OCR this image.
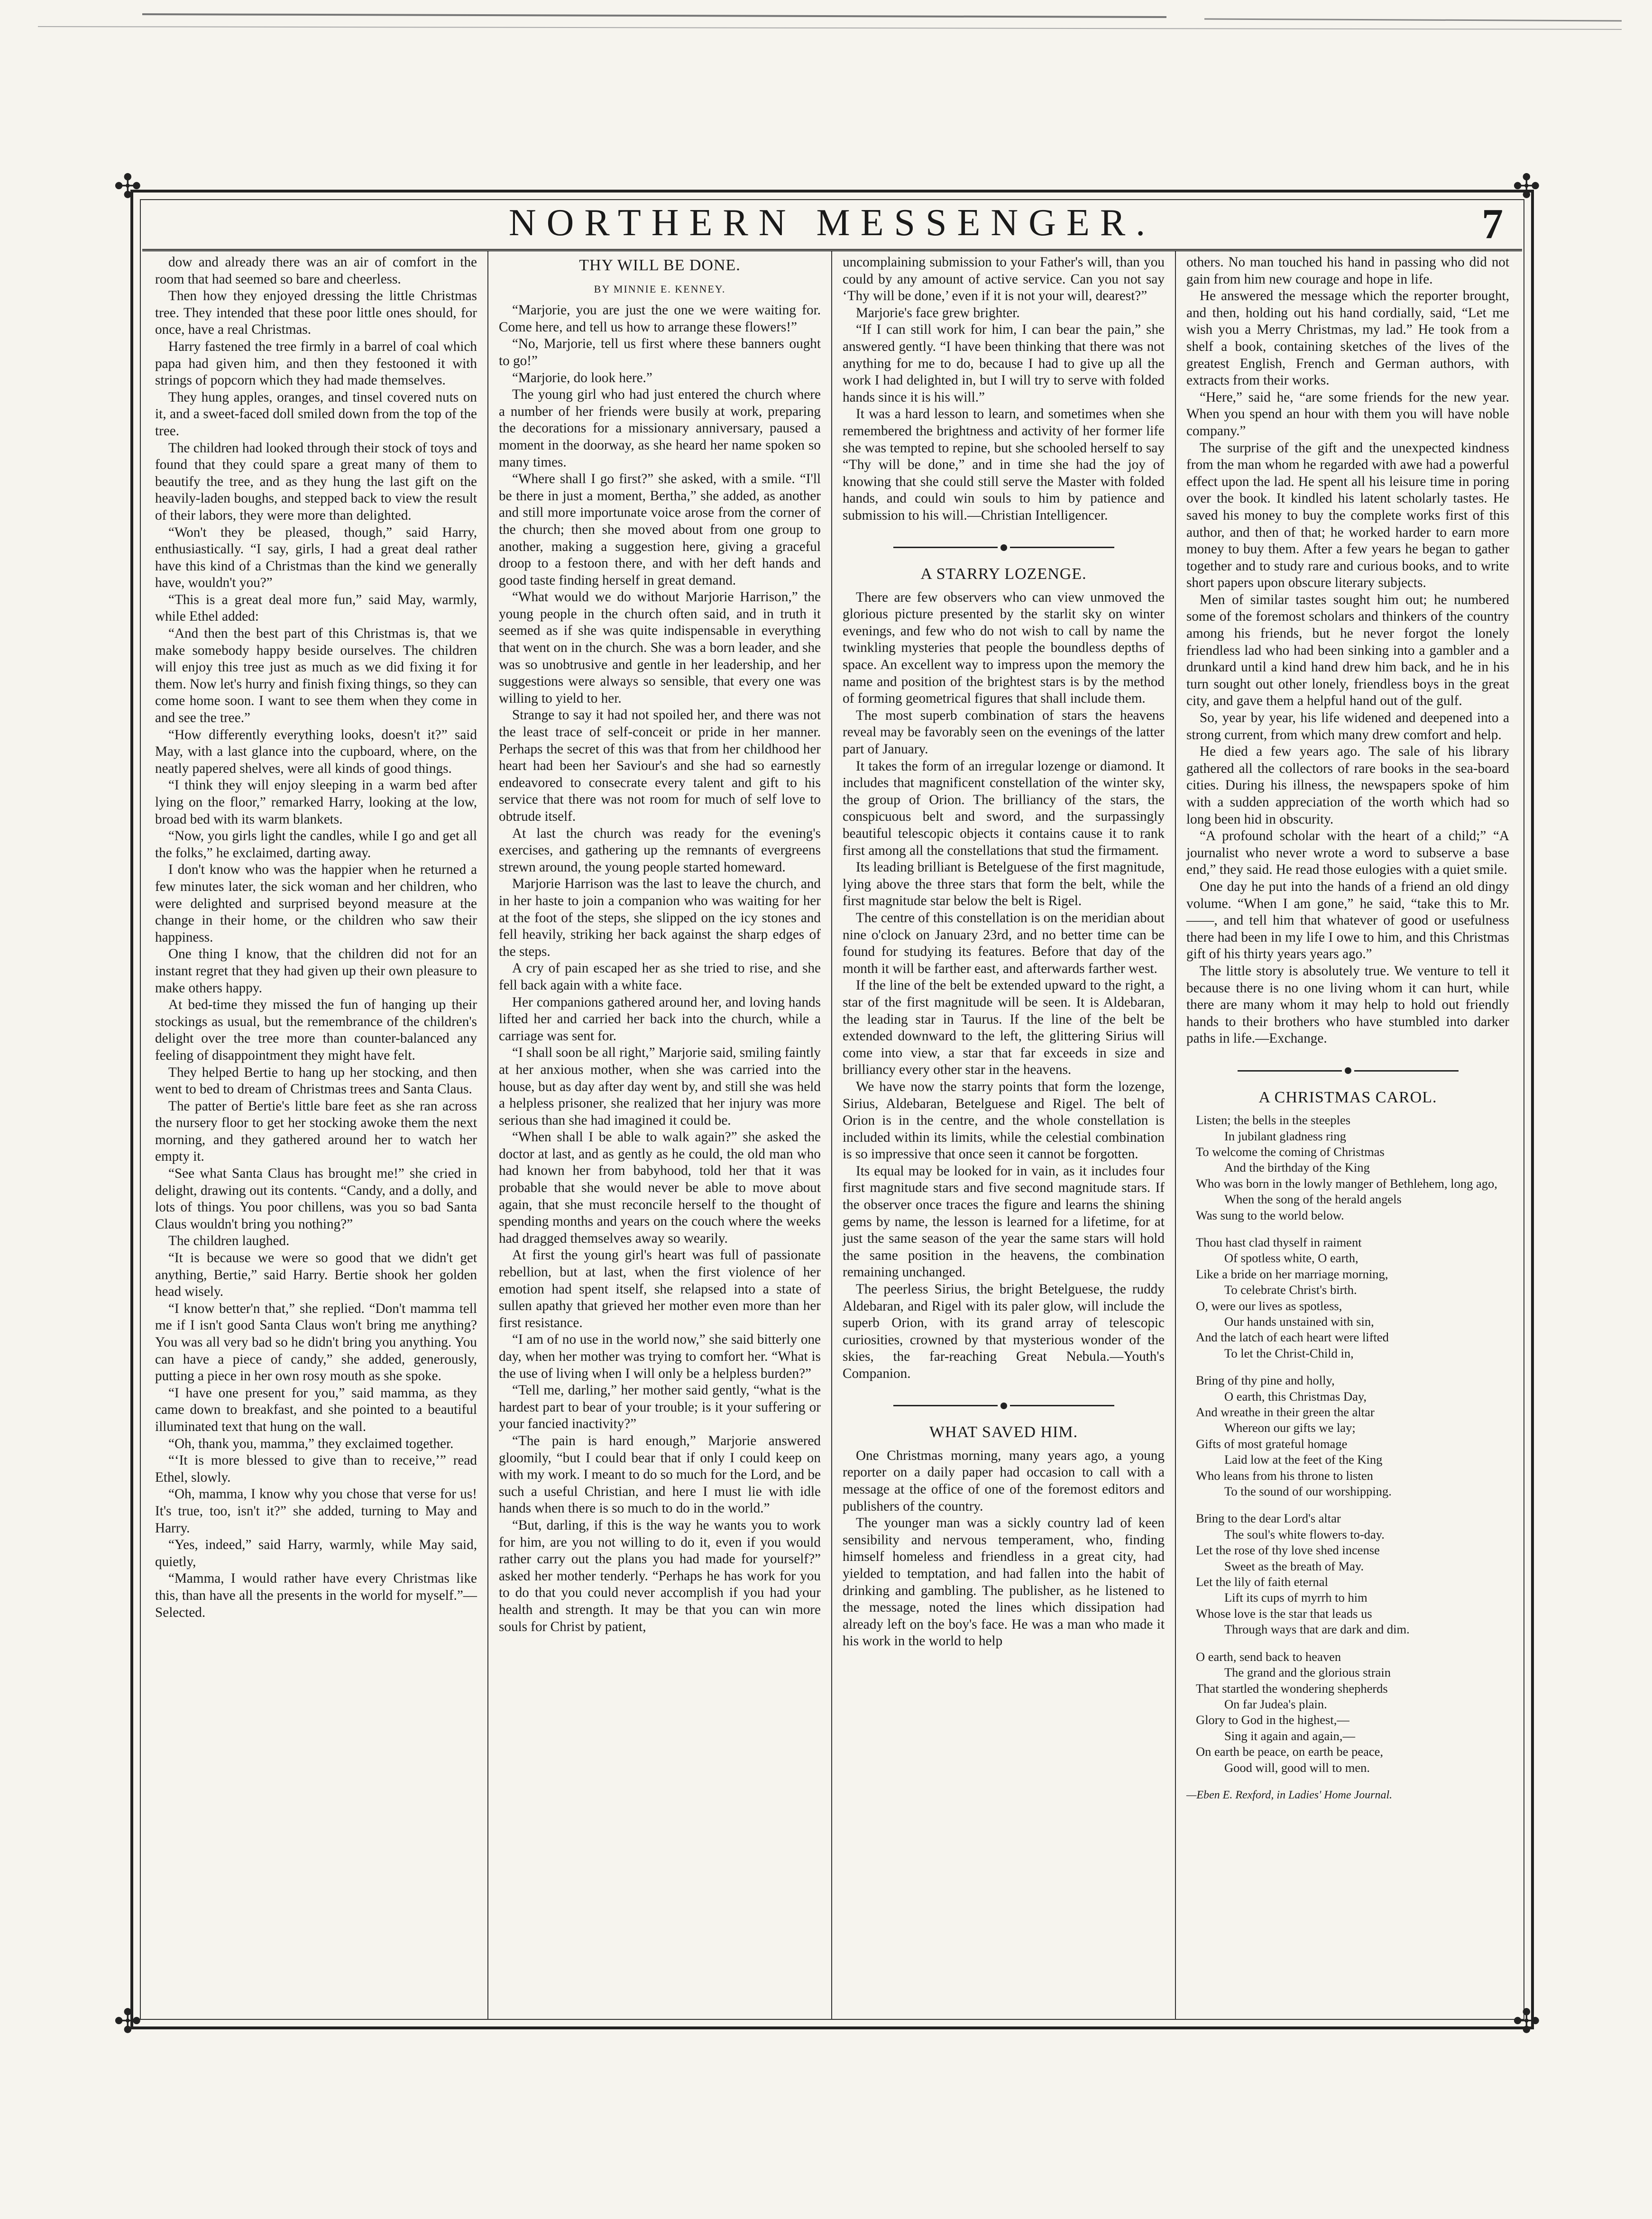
✣	✣
✣	✣
NORTHERN MESSENGER.	7

dow and already there was an air of comfort in the room that had seemed so bare and cheerless.

Then how they enjoyed dressing the little Christmas tree. They intended that these poor little ones should, for once, have a real Christmas.

Harry fastened the tree firmly in a barrel of coal which papa had given him, and then they festooned it with strings of popcorn which they had made themselves.

They hung apples, oranges, and tinsel covered nuts on it, and a sweet-faced doll smiled down from the top of the tree.

The children had looked through their stock of toys and found that they could spare a great many of them to beautify the tree, and as they hung the last gift on the heavily-laden boughs, and stepped back to view the result of their labors, they were more than delighted.

“Won't they be pleased, though,” said Harry, enthusiastically. “I say, girls, I had a great deal rather have this kind of a Christmas than the kind we generally have, wouldn't you?”

“This is a great deal more fun,” said May, warmly, while Ethel added:

“And then the best part of this Christmas is, that we make somebody happy beside ourselves. The children will enjoy this tree just as much as we did fixing it for them. Now let's hurry and finish fixing things, so they can come home soon. I want to see them when they come in and see the tree.”

“How differently everything looks, doesn't it?” said May, with a last glance into the cupboard, where, on the neatly papered shelves, were all kinds of good things.

“I think they will enjoy sleeping in a warm bed after lying on the floor,” remarked Harry, looking at the low, broad bed with its warm blankets.

“Now, you girls light the candles, while I go and get all the folks,” he exclaimed, darting away.

I don't know who was the happier when he returned a few minutes later, the sick woman and her children, who were delighted and surprised beyond measure at the change in their home, or the children who saw their happiness.

One thing I know, that the children did not for an instant regret that they had given up their own pleasure to make others happy.

At bed-time they missed the fun of hanging up their stockings as usual, but the remembrance of the children's delight over the tree more than counter-balanced any feeling of disappointment they might have felt.

They helped Bertie to hang up her stocking, and then went to bed to dream of Christmas trees and Santa Claus.

The patter of Bertie's little bare feet as she ran across the nursery floor to get her stocking awoke them the next morning, and they gathered around her to watch her empty it.

“See what Santa Claus has brought me!” she cried in delight, drawing out its contents. “Candy, and a dolly, and lots of things. You poor chillens, was you so bad Santa Claus wouldn't bring you nothing?”

The children laughed.

“It is because we were so good that we didn't get anything, Bertie,” said Harry. Bertie shook her golden head wisely.

“I know better'n that,” she replied. “Don't mamma tell me if I isn't good Santa Claus won't bring me anything? You was all very bad so he didn't bring you anything. You can have a piece of candy,” she added, generously, putting a piece in her own rosy mouth as she spoke.

“I have one present for you,” said mamma, as they came down to breakfast, and she pointed to a beautiful illuminated text that hung on the wall.

“Oh, thank you, mamma,” they exclaimed together.

“‘It is more blessed to give than to receive,’” read Ethel, slowly.

“Oh, mamma, I know why you chose that verse for us! It's true, too, isn't it?” she added, turning to May and Harry.

“Yes, indeed,” said Harry, warmly, while May said, quietly,

“Mamma, I would rather have every Christmas like this, than have all the presents in the world for myself.”—Selected.

THY WILL BE DONE.
BY MINNIE E. KENNEY.

“Marjorie, you are just the one we were waiting for. Come here, and tell us how to arrange these flowers!”

“No, Marjorie, tell us first where these banners ought to go!”

“Marjorie, do look here.”

The young girl who had just entered the church where a number of her friends were busily at work, preparing the decorations for a missionary anniversary, paused a moment in the doorway, as she heard her name spoken so many times.

“Where shall I go first?” she asked, with a smile. “I'll be there in just a moment, Bertha,” she added, as another and still more importunate voice arose from the corner of the church; then she moved about from one group to another, making a suggestion here, giving a graceful droop to a festoon there, and with her deft hands and good taste finding herself in great demand.

“What would we do without Marjorie Harrison,” the young people in the church often said, and in truth it seemed as if she was quite indispensable in everything that went on in the church. She was a born leader, and she was so unobtrusive and gentle in her leadership, and her suggestions were always so sensible, that every one was willing to yield to her.

Strange to say it had not spoiled her, and there was not the least trace of self-conceit or pride in her manner. Perhaps the secret of this was that from her childhood her heart had been her Saviour's and she had so earnestly endeavored to consecrate every talent and gift to his service that there was not room for much of self love to obtrude itself.

At last the church was ready for the evening's exercises, and gathering up the remnants of evergreens strewn around, the young people started homeward.

Marjorie Harrison was the last to leave the church, and in her haste to join a companion who was waiting for her at the foot of the steps, she slipped on the icy stones and fell heavily, striking her back against the sharp edges of the steps.

A cry of pain escaped her as she tried to rise, and she fell back again with a white face.

Her companions gathered around her, and loving hands lifted her and carried her back into the church, while a carriage was sent for.

“I shall soon be all right,” Marjorie said, smiling faintly at her anxious mother, when she was carried into the house, but as day after day went by, and still she was held a helpless prisoner, she realized that her injury was more serious than she had imagined it could be.

“When shall I be able to walk again?” she asked the doctor at last, and as gently as he could, the old man who had known her from babyhood, told her that it was probable that she would never be able to move about again, that she must reconcile herself to the thought of spending months and years on the couch where the weeks had dragged themselves away so wearily.

At first the young girl's heart was full of passionate rebellion, but at last, when the first violence of her emotion had spent itself, she relapsed into a state of sullen apathy that grieved her mother even more than her first resistance.

“I am of no use in the world now,” she said bitterly one day, when her mother was trying to comfort her. “What is the use of living when I will only be a helpless burden?”

“Tell me, darling,” her mother said gently, “what is the hardest part to bear of your trouble; is it your suffering or your fancied inactivity?”

“The pain is hard enough,” Marjorie answered gloomily, “but I could bear that if only I could keep on with my work. I meant to do so much for the Lord, and be such a useful Christian, and here I must lie with idle hands when there is so much to do in the world.”

“But, darling, if this is the way he wants you to work for him, are you not willing to do it, even if you would rather carry out the plans you had made for yourself?” asked her mother tenderly. “Perhaps he has work for you to do that you could never accomplish if you had your health and strength. It may be that you can win more souls for Christ by patient,

uncomplaining submission to your Father's will, than you could by any amount of active service. Can you not say ‘Thy will be done,’ even if it is not your will, dearest?”

Marjorie's face grew brighter.

“If I can still work for him, I can bear the pain,” she answered gently. “I have been thinking that there was not anything for me to do, because I had to give up all the work I had delighted in, but I will try to serve with folded hands since it is his will.”

It was a hard lesson to learn, and sometimes when she remembered the brightness and activity of her former life she was tempted to repine, but she schooled herself to say “Thy will be done,” and in time she had the joy of knowing that she could still serve the Master with folded hands, and could win souls to him by patience and submission to his will.—Christian Intelligencer.

A STARRY LOZENGE.

There are few observers who can view unmoved the glorious picture presented by the starlit sky on winter evenings, and few who do not wish to call by name the twinkling mysteries that people the boundless depths of space. An excellent way to impress upon the memory the name and position of the brightest stars is by the method of forming geometrical figures that shall include them.

The most superb combination of stars the heavens reveal may be favorably seen on the evenings of the latter part of January.

It takes the form of an irregular lozenge or diamond. It includes that magnificent constellation of the winter sky, the group of Orion. The brilliancy of the stars, the conspicuous belt and sword, and the surpassingly beautiful telescopic objects it contains cause it to rank first among all the constellations that stud the firmament.

Its leading brilliant is Betelguese of the first magnitude, lying above the three stars that form the belt, while the first magnitude star below the belt is Rigel.

The centre of this constellation is on the meridian about nine o'clock on January 23rd, and no better time can be found for studying its features. Before that day of the month it will be farther east, and afterwards farther west.

If the line of the belt be extended upward to the right, a star of the first magnitude will be seen. It is Aldebaran, the leading star in Taurus. If the line of the belt be extended downward to the left, the glittering Sirius will come into view, a star that far exceeds in size and brilliancy every other star in the heavens.

We have now the starry points that form the lozenge, Sirius, Aldebaran, Betelguese and Rigel. The belt of Orion is in the centre, and the whole constellation is included within its limits, while the celestial combination is so impressive that once seen it cannot be forgotten.

Its equal may be looked for in vain, as it includes four first magnitude stars and five second magnitude stars. If the observer once traces the figure and learns the shining gems by name, the lesson is learned for a lifetime, for at just the same season of the year the same stars will hold the same position in the heavens, the combination remaining unchanged.

The peerless Sirius, the bright Betelguese, the ruddy Aldebaran, and Rigel with its paler glow, will include the superb Orion, with its grand array of telescopic curiosities, crowned by that mysterious wonder of the skies, the far-reaching Great Nebula.—Youth's Companion.

WHAT SAVED HIM.

One Christmas morning, many years ago, a young reporter on a daily paper had occasion to call with a message at the office of one of the foremost editors and publishers of the country.

The younger man was a sickly country lad of keen sensibility and nervous temperament, who, finding himself homeless and friendless in a great city, had yielded to temptation, and had fallen into the habit of drinking and gambling. The publisher, as he listened to the message, noted the lines which dissipation had already left on the boy's face. He was a man who made it his work in the world to help

others. No man touched his hand in passing who did not gain from him new courage and hope in life.

He answered the message which the reporter brought, and then, holding out his hand cordially, said, “Let me wish you a Merry Christmas, my lad.” He took from a shelf a book, containing sketches of the lives of the greatest English, French and German authors, with extracts from their works.

“Here,” said he, “are some friends for the new year. When you spend an hour with them you will have noble company.”

The surprise of the gift and the unexpected kindness from the man whom he regarded with awe had a powerful effect upon the lad. He spent all his leisure time in poring over the book. It kindled his latent scholarly tastes. He saved his money to buy the complete works first of this author, and then of that; he worked harder to earn more money to buy them. After a few years he began to gather together and to study rare and curious books, and to write short papers upon obscure literary subjects.

Men of similar tastes sought him out; he numbered some of the foremost scholars and thinkers of the country among his friends, but he never forgot the lonely friendless lad who had been sinking into a gambler and a drunkard until a kind hand drew him back, and he in his turn sought out other lonely, friendless boys in the great city, and gave them a helpful hand out of the gulf.

So, year by year, his life widened and deepened into a strong current, from which many drew comfort and help.

He died a few years ago. The sale of his library gathered all the collectors of rare books in the sea-board cities. During his illness, the newspapers spoke of him with a sudden appreciation of the worth which had so long been hid in obscurity.

“A profound scholar with the heart of a child;” “A journalist who never wrote a word to subserve a base end,” they said. He read those eulogies with a quiet smile.

One day he put into the hands of a friend an old dingy volume. “When I am gone,” he said, “take this to Mr. ——, and tell him that whatever of good or usefulness there had been in my life I owe to him, and this Christmas gift of his thirty years years ago.”

The little story is absolutely true. We venture to tell it because there is no one living whom it can hurt, while there are many whom it may help to hold out friendly hands to their brothers who have stumbled into darker paths in life.—Exchange.

A CHRISTMAS CAROL.
Listen; the bells in the steeples
In jubilant gladness ring
To welcome the coming of Christmas
And the birthday of the King
Who was born in the lowly manger of Bethlehem, long ago,
When the song of the herald angels
Was sung to the world below.
Thou hast clad thyself in raiment
Of spotless white, O earth,
Like a bride on her marriage morning,
To celebrate Christ's birth.
O, were our lives as spotless,
Our hands unstained with sin,
And the latch of each heart were lifted
To let the Christ-Child in,
Bring of thy pine and holly,
O earth, this Christmas Day,
And wreathe in their green the altar
Whereon our gifts we lay;
Gifts of most grateful homage
Laid low at the feet of the King
Who leans from his throne to listen
To the sound of our worshipping.
Bring to the dear Lord's altar
The soul's white flowers to-day.
Let the rose of thy love shed incense
Sweet as the breath of May.
Let the lily of faith eternal
Lift its cups of myrrh to him
Whose love is the star that leads us
Through ways that are dark and dim.
O earth, send back to heaven
The grand and the glorious strain
That startled the wondering shepherds
On far Judea's plain.
Glory to God in the highest,—
Sing it again and again,—
On earth be peace, on earth be peace,
Good will, good will to men.
—Eben E. Rexford, in Ladies' Home Journal.
